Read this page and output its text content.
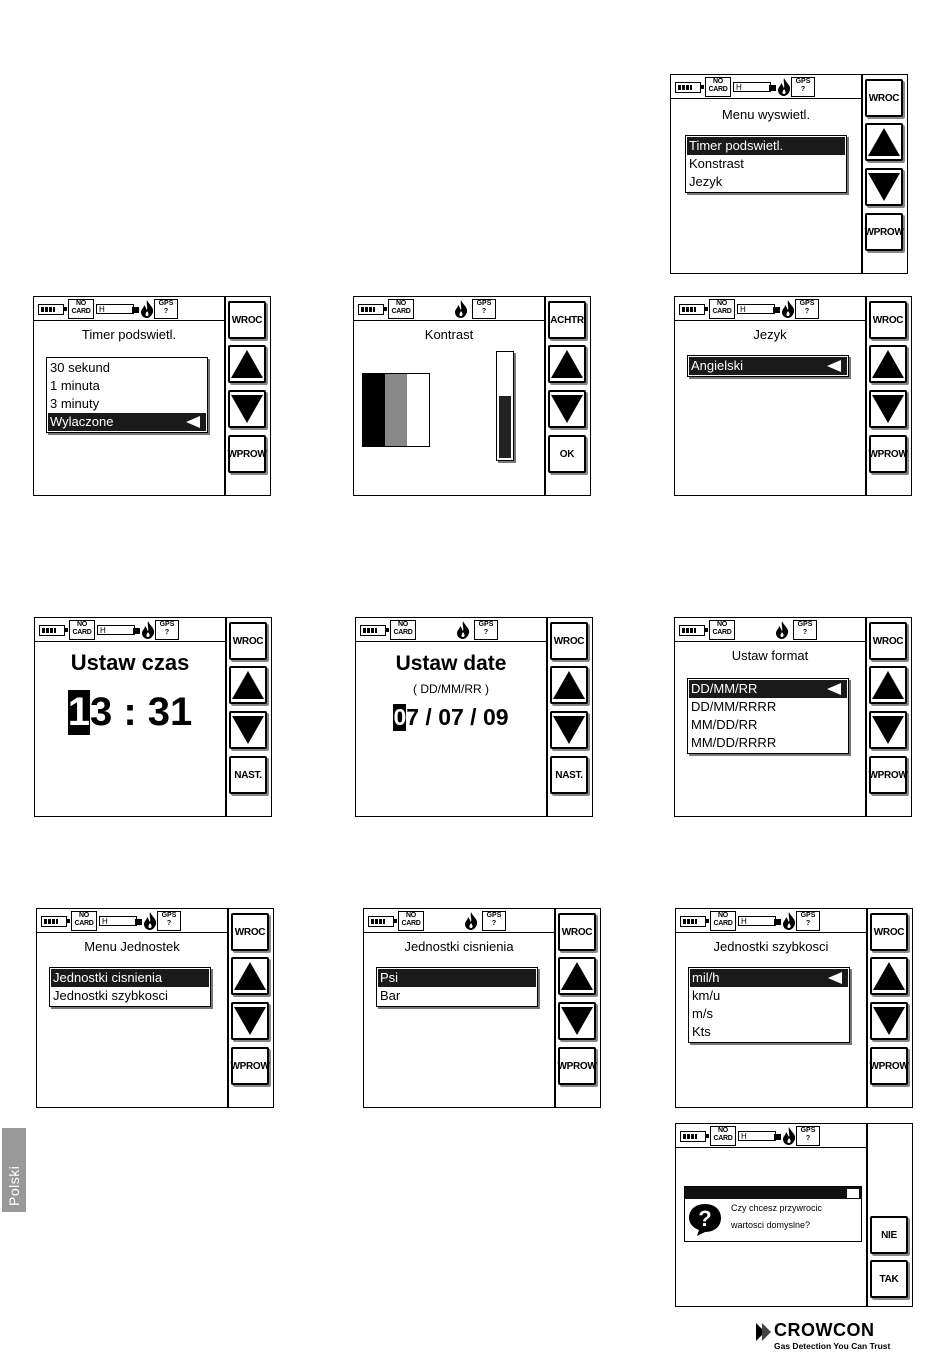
NO
CARD	H
GPS
?
WROC
WPROW
Menu wyswietl.
Timer podswietl.
Konstrast
Jezyk
NO
CARD	H
GPS
?
WROC
WPROW
Timer podswietl.
30 sekund
1 minuta
3 minuty
Wylaczone
NO
CARD
GPS
?
ACHTR
OK
Kontrast
NO
CARD	H
GPS
?
WROC
WPROW
Jezyk
Angielski
NO
CARD	H
GPS
?
WROC
NAST.
Ustaw czas
13 : 31
NO
CARD
GPS
?
WROC
NAST.
Ustaw date
( DD/MM/RR )
07 / 07 / 09
NO
CARD
GPS
?
WROC
WPROW
Ustaw format
DD/MM/RR
DD/MM/RRRR
MM/DD/RR
MM/DD/RRRR
NO
CARD	H
GPS
?
WROC
WPROW
Menu Jednostek
Jednostki cisnienia
Jednostki szybkosci
NO
CARD
GPS
?
WROC
WPROW
Jednostki cisnienia
Psi
Bar
NO
CARD	H
GPS
?
WROC
WPROW
Jednostki szybkosci
mil/h
km/u
m/s
Kts
NO
CARD	H
GPS
?
NIE
TAK
? Czy chcesz przywrocic
wartosci domyslne?
Polski
CROWCON
Gas Detection You Can Trust
